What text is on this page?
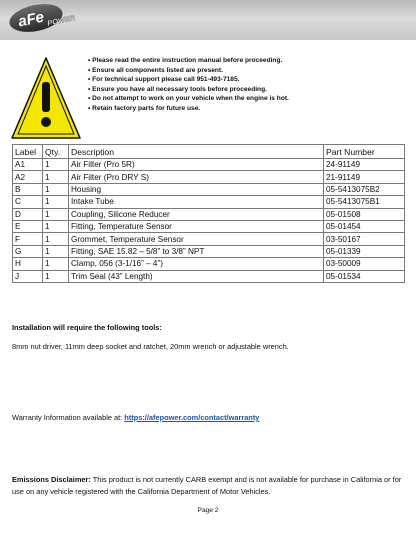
aFe POWER
• Please read the entire instruction manual before proceeding.
• Ensure all components listed are present.
• For technical support please call 951-493-7185.
• Ensure you have all necessary tools before proceeding.
• Do not attempt to work on your vehicle when the engine is hot.
• Retain factory parts for future use.
Label	Qty.	Description	Part Number
A1	1	Air Filter (Pro 5R)	24-91149
A2	1	Air Filter (Pro DRY S)	21-91149
B	1	Housing	05-5413075B2
C	1	Intake Tube	05-5413075B1
D	1	Coupling, Silicone Reducer	05-01508
E	1	Fitting, Temperature Sensor	05-01454
F	1	Grommet, Temperature Sensor	03-50167
G	1	Fitting, SAE 15.82 – 5/8” to 3/8” NPT	05-01339
H	1	Clamp, 056 (3-1/16” – 4”)	03-50009
J	1	Trim Seal (43” Length)	05-01534
Installation will require the following tools:
8mm nut driver, 11mm deep socket and ratchet, 20mm wrench or adjustable wrench.
Warranty Information available at: https://afepower.com/contact/warranty
Emissions Disclaimer: This product is not currently CARB exempt and is not available for purchase in California or for use on any vehicle registered with the California Department of Motor Vehicles.
Page 2
